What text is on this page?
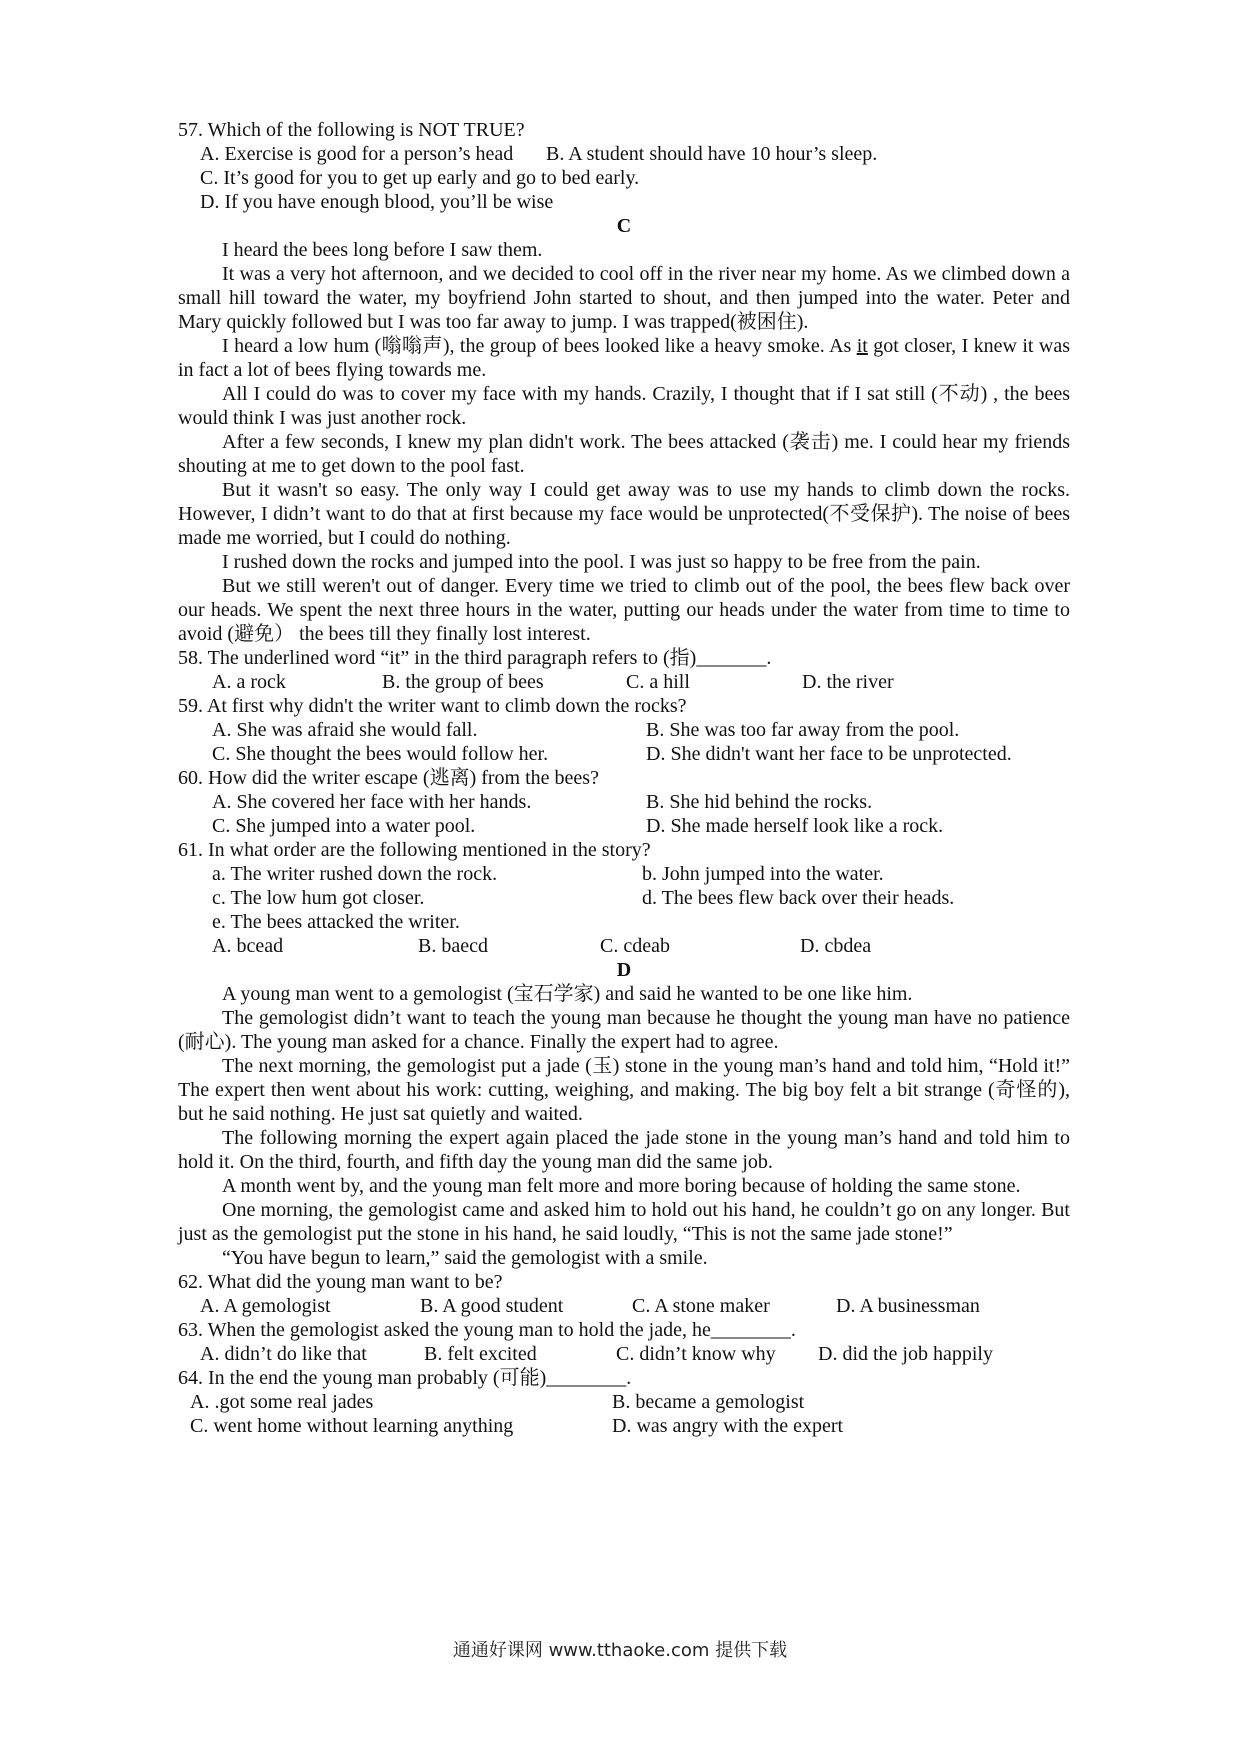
57. Which of the following is NOT TRUE?
A. Exercise is good for a person’s head	B. A student should have 10 hour’s sleep.
C. It’s good for you to get up early and go to bed early.
D. If you have enough blood, you’ll be wise
C

I heard the bees long before I saw them.

It was a very hot afternoon, and we decided to cool off in the river near my home. As we climbed down a small hill toward the water, my boyfriend John started to shout, and then jumped into the water. Peter and Mary quickly followed but I was too far away to jump. I was trapped(被困住).

I heard a low hum (嗡嗡声), the group of bees looked like a heavy smoke. As it got closer, I knew it was in fact a lot of bees flying towards me.

All I could do was to cover my face with my hands. Crazily, I thought that if I sat still (不动) , the bees would think I was just another rock.

After a few seconds, I knew my plan didn't work. The bees attacked (袭击) me. I could hear my friends shouting at me to get down to the pool fast.

But it wasn't so easy. The only way I could get away was to use my hands to climb down the rocks. However, I didn’t want to do that at first because my face would be unprotected(不受保护). The noise of bees made me worried, but I could do nothing.

I rushed down the rocks and jumped into the pool. I was just so happy to be free from the pain.

But we still weren't out of danger. Every time we tried to climb out of the pool, the bees flew back over our heads. We spent the next three hours in the water, putting our heads under the water from time to time to avoid (避免） the bees till they finally lost interest.

58. The underlined word “it” in the third paragraph refers to (指)_______.
A. a rock	B. the group of bees	C. a hill	D. the river
59. At first why didn't the writer want to climb down the rocks?
A. She was afraid she would fall.	B. She was too far away from the pool.
C. She thought the bees would follow her.	D. She didn't want her face to be unprotected.
60. How did the writer escape (逃离) from the bees?
A. She covered her face with her hands.	B. She hid behind the rocks.
C. She jumped into a water pool.	D. She made herself look like a rock.
61. In what order are the following mentioned in the story?
a. The writer rushed down the rock.	b. John jumped into the water.
c. The low hum got closer.	d. The bees flew back over their heads.
e. The bees attacked the writer.
A. bcead	B. baecd	C. cdeab	D. cbdea
D

A young man went to a gemologist (宝石学家) and said he wanted to be one like him.

The gemologist didn’t want to teach the young man because he thought the young man have no patience (耐心). The young man asked for a chance. Finally the expert had to agree.

The next morning, the gemologist put a jade (玉) stone in the young man’s hand and told him, “Hold it!” The expert then went about his work: cutting, weighing, and making. The big boy felt a bit strange (奇怪的), but he said nothing. He just sat quietly and waited.

The following morning the expert again placed the jade stone in the young man’s hand and told him to hold it. On the third, fourth, and fifth day the young man did the same job.

A month went by, and the young man felt more and more boring because of holding the same stone.

One morning, the gemologist came and asked him to hold out his hand, he couldn’t go on any longer. But just as the gemologist put the stone in his hand, he said loudly, “This is not the same jade stone!”

“You have begun to learn,” said the gemologist with a smile.

62. What did the young man want to be?
A. A gemologist	B. A good student	C. A stone maker	D. A businessman
63. When the gemologist asked the young man to hold the jade, he________.
A. didn’t do like that	B. felt excited	C. didn’t know why	D. did the job happily
64. In the end the young man probably (可能)________.
A. .got some real jades	B. became a gemologist
C. went home without learning anything	D. was angry with the expert
通通好课网 www.tthaoke.com 提供下载
